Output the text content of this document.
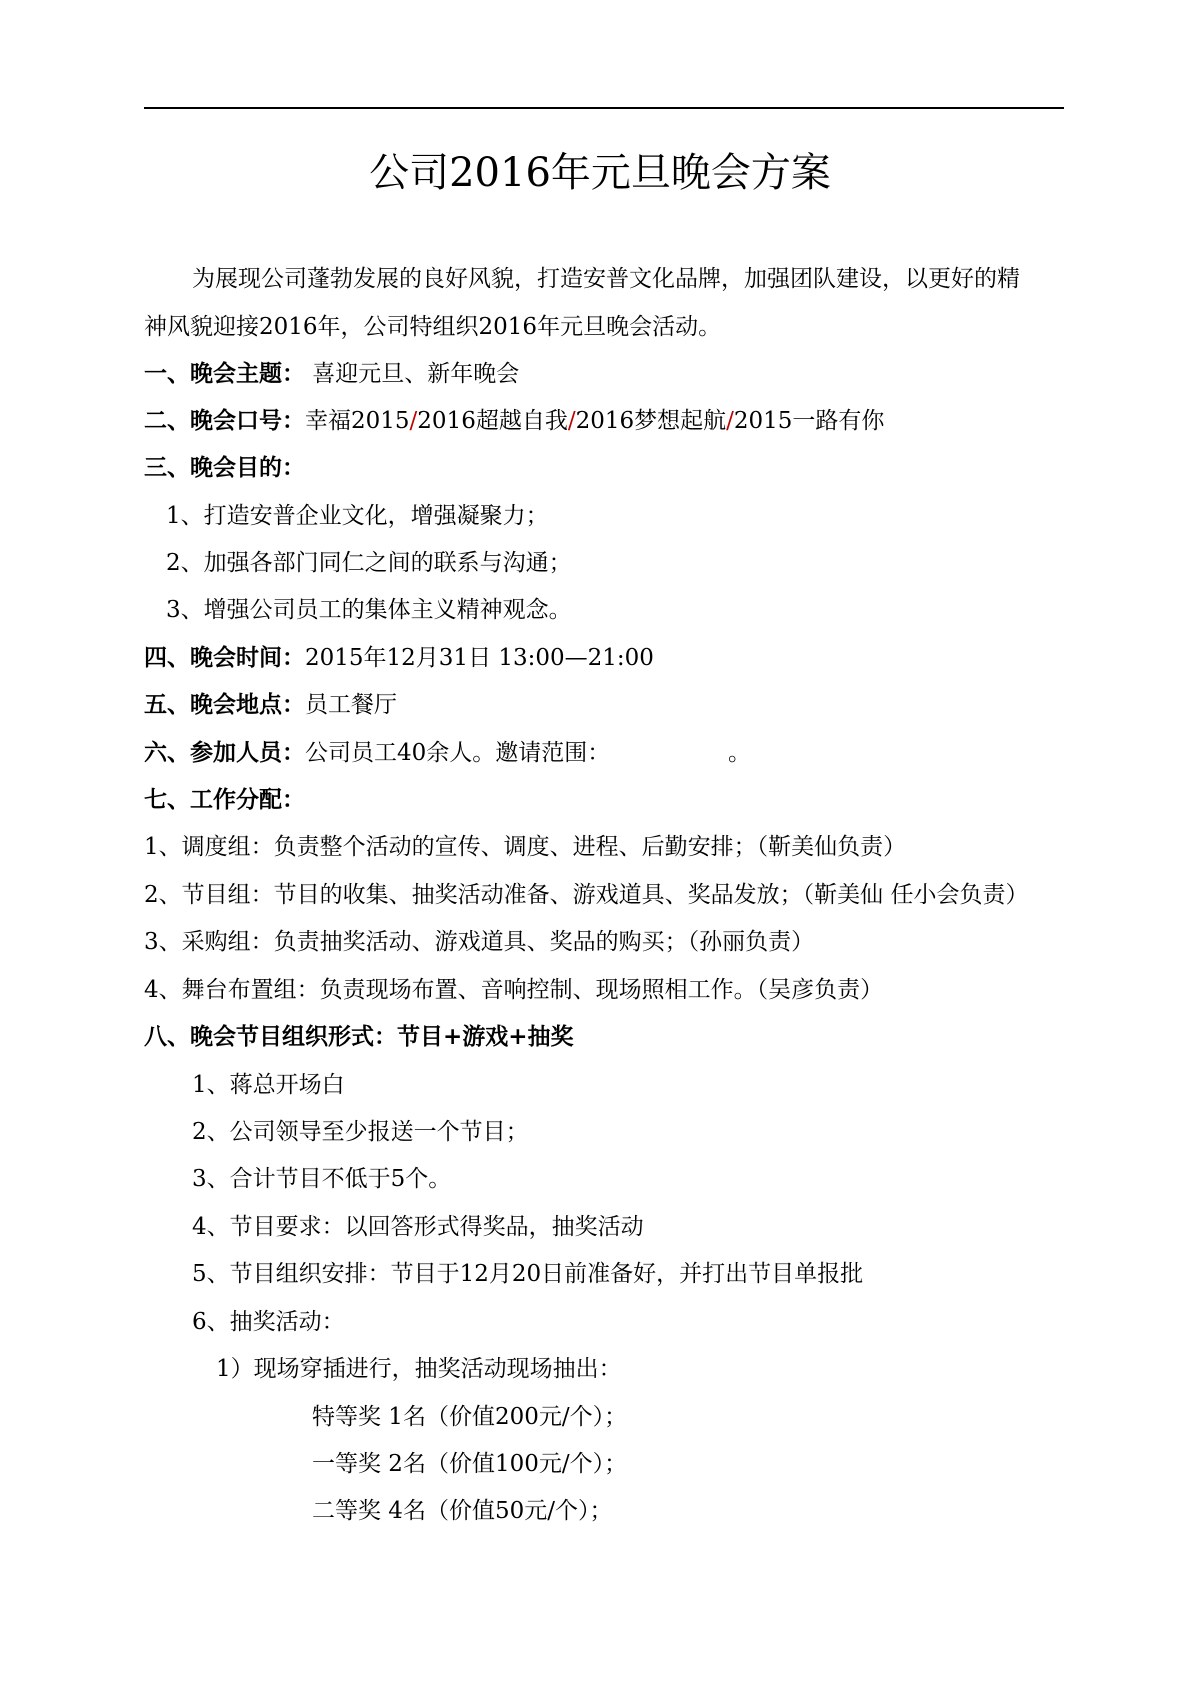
公司2016年元旦晚会方案
为展现公司蓬勃发展的良好风貌，打造安普文化品牌，加强团队建设，以更好的精
神风貌迎接2016年，公司特组织2016年元旦晚会活动。
一、晚会主题： 喜迎元旦、新年晚会
二、晚会口号：幸福2015/2016超越自我/2016梦想起航/2015一路有你
三、晚会目的：
1、打造安普企业文化，增强凝聚力；
2、加强各部门同仁之间的联系与沟通；
3、增强公司员工的集体主义精神观念。
四、晚会时间：2015年12月31日 13:00—21:00
五、晚会地点：员工餐厅
六、参加人员：公司员工40余人。邀请范围：	。
七、工作分配：
1、调度组：负责整个活动的宣传、调度、进程、后勤安排；（靳美仙负责）
2、节目组：节目的收集、抽奖活动准备、游戏道具、奖品发放；（靳美仙 任小会负责）
3、采购组：负责抽奖活动、游戏道具、奖品的购买；（孙丽负责）
4、舞台布置组：负责现场布置、音响控制、现场照相工作。（吴彦负责）
八、晚会节目组织形式：节目+游戏+抽奖
1、蒋总开场白
2、公司领导至少报送一个节目；
3、合计节目不低于5个。
4、节目要求：以回答形式得奖品，抽奖活动
5、节目组织安排：节目于12月20日前准备好，并打出节目单报批
6、抽奖活动：
1）现场穿插进行，抽奖活动现场抽出：
特等奖 1名（价值200元/个）；
一等奖 2名（价值100元/个）；
二等奖 4名（价值50元/个）；
